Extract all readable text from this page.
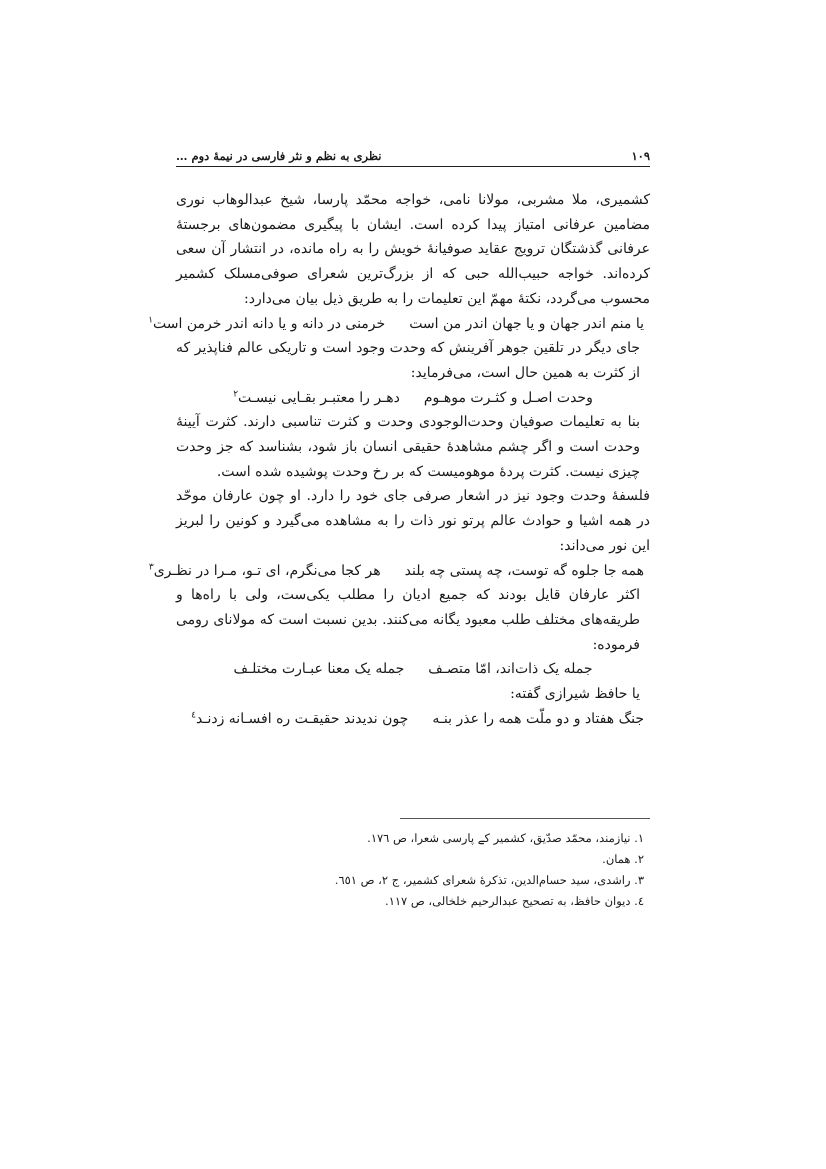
۱۰۹
نظری به نظم و نثر فارسی در نیمهٔ دوم …

کشمیری، ملا مشربی، مولانا نامی، خواجه محمّد پارسا، شیخ عبدالوهاب نوری مضامین عرفانی امتیاز پیدا کرده است. ایشان با پیگیری مضمون‌های برجستهٔ عرفانی گذشتگان ترویج عقاید صوفیانهٔ خویش را به راه مانده، در انتشار آن سعی کرده‌اند. خواجه حبیب‌الله حبی که از بزرگ‌ترین شعرای صوفی‌مسلک کشمیر محسوب می‌گردد، نکتهٔ مهمّ این تعلیمات را به طریق ذیل بیان می‌دارد:

یا منم اندر جهان و یا جهان اندر من است
خرمنی در دانه و یا دانه اندر خرمن است$^۱$

جای دیگر در تلقین جوهر آفرینش که وحدت وجود است و تاریکی عالم فناپذیر که از کثرت به همین حال است، می‌فرماید:

وحدت اصـل و کثـرت موهـوم
دهـر را معتبـر بقـایی نیسـت$^۲$

بنا به تعلیمات صوفیان وحدت‌الوجودی وحدت و کثرت تناسبی دارند. کثرت آیینهٔ وحدت است و اگر چشم مشاهدهٔ حقیقی انسان باز شود، بشناسد که جز وحدت چیزی نیست. کثرت پردهٔ موهومیست که بر رخ وحدت پوشیده شده است.

فلسفهٔ وحدت وجود نیز در اشعار صرفی جای خود را دارد. او چون عارفان موحّد در همه اشیا و حوادث عالم پرتو نور ذات را به مشاهده می‌گیرد و کونین را لبریز این نور می‌داند:

همه جا جلوه گه توست، چه پستی چه بلند
هر کجا می‌نگرم، ای تـو، مـرا در نظـری$^۳$

اکثر عارفان قایل بودند که جمیع ادیان را مطلب یکی‌ست، ولی با راه‌ها و طریقه‌های مختلف طلب معبود یگانه می‌کنند. بدین نسبت است که مولانای رومی فرموده:

جمله یک ذات‌اند، امّا متصـف
جمله یک معنا عبـارت مختلـف

یا حافظ شیرازی گفته:

جنگ هفتاد و دو ملّت همه را عذر بنـه
چون ندیدند حقیقـت ره افسـانه زدنـد$^٤$
١. نیازمند، محمّد صدّیق، کشمیر کے پارسی شعرا، ص ١٧٦.
٢. همان.
٣. راشدی، سید حسام‌الدین، تذکرهٔ شعرای کشمیر، ج ٢، ص ٦٥١.
٤. دیوان حافظ، به تصحیح عبدالرحیم خلخالی، ص ١١٧.
